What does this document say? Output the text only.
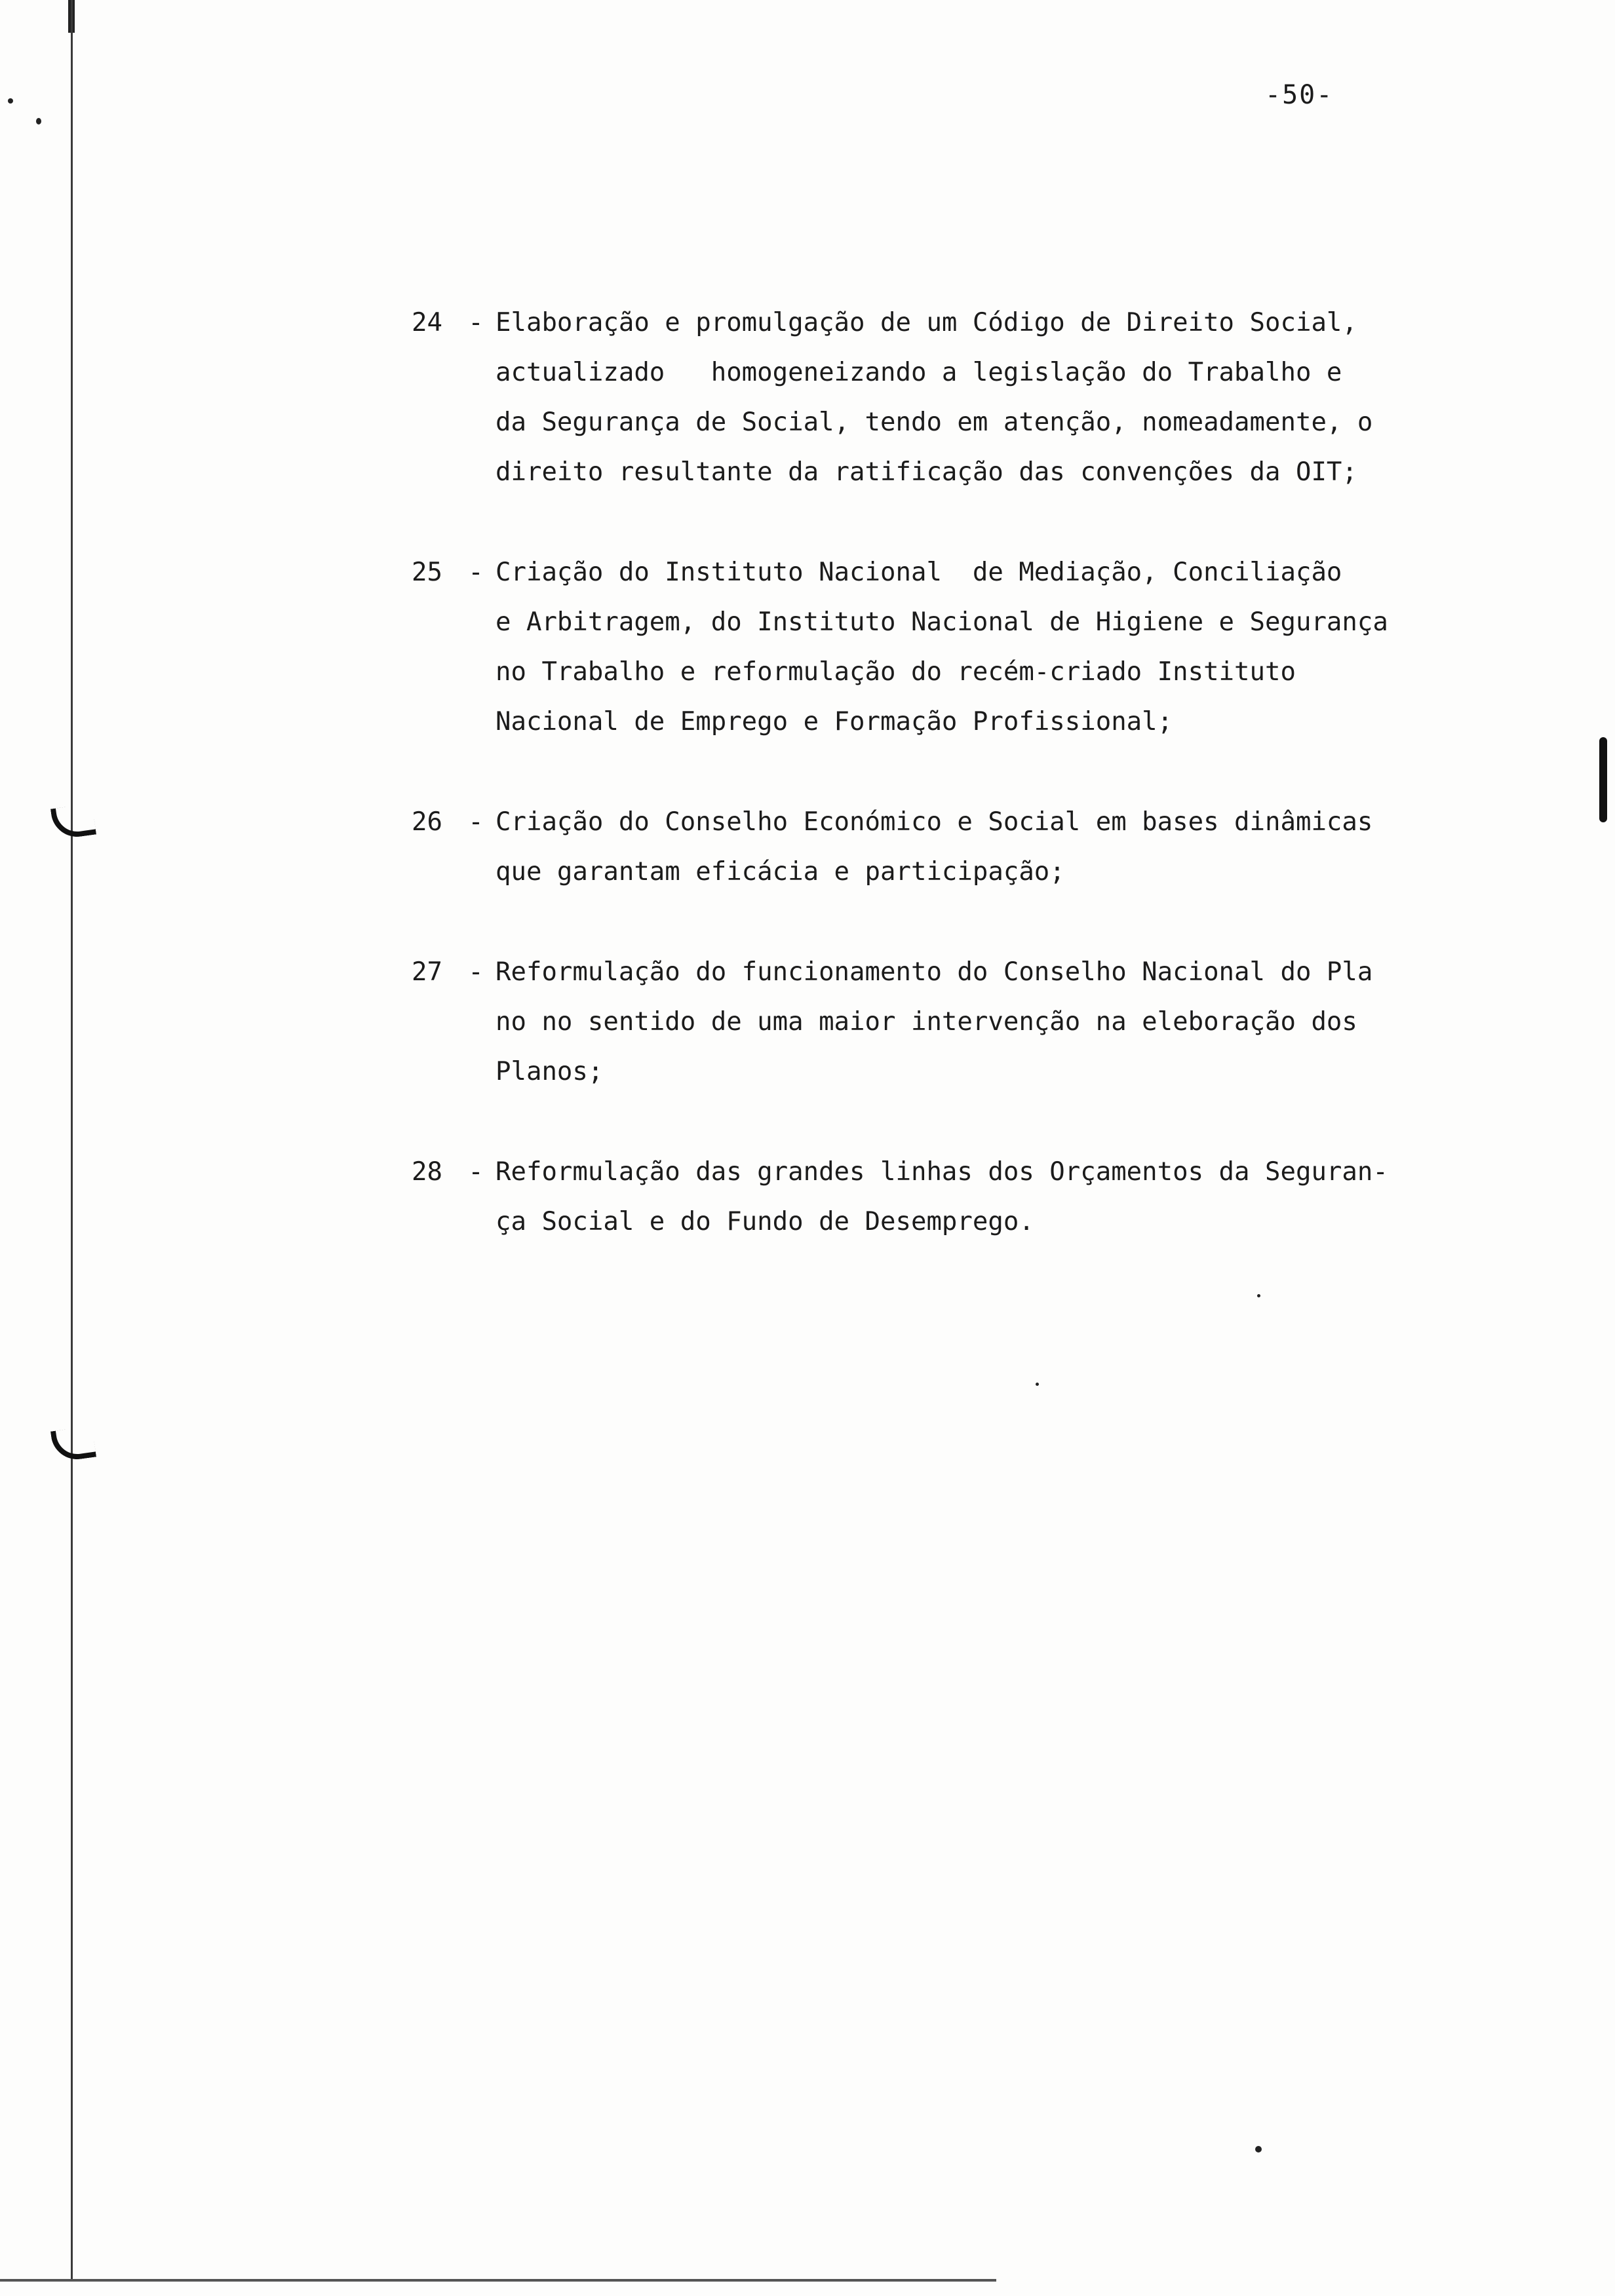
-50-
24	- Elaboração e promulgação de um Código de Direito Social,
actualizado   homogeneizando a legislação do Trabalho e
da Segurança de Social, tendo em atenção, nomeadamente, o
direito resultante da ratificação das convenções da OIT;
25	- Criação do Instituto Nacional  de Mediação, Conciliação
e Arbitragem, do Instituto Nacional de Higiene e Segurança
no Trabalho e reformulação do recém-criado Instituto
Nacional de Emprego e Formação Profissional;
26	- Criação do Conselho Económico e Social em bases dinâmicas
que garantam eficácia e participação;
27	- Reformulação do funcionamento do Conselho Nacional do Pla
no no sentido de uma maior intervenção na eleboração dos
Planos;
28	- Reformulação das grandes linhas dos Orçamentos da Seguran-
ça Social e do Fundo de Desemprego.
